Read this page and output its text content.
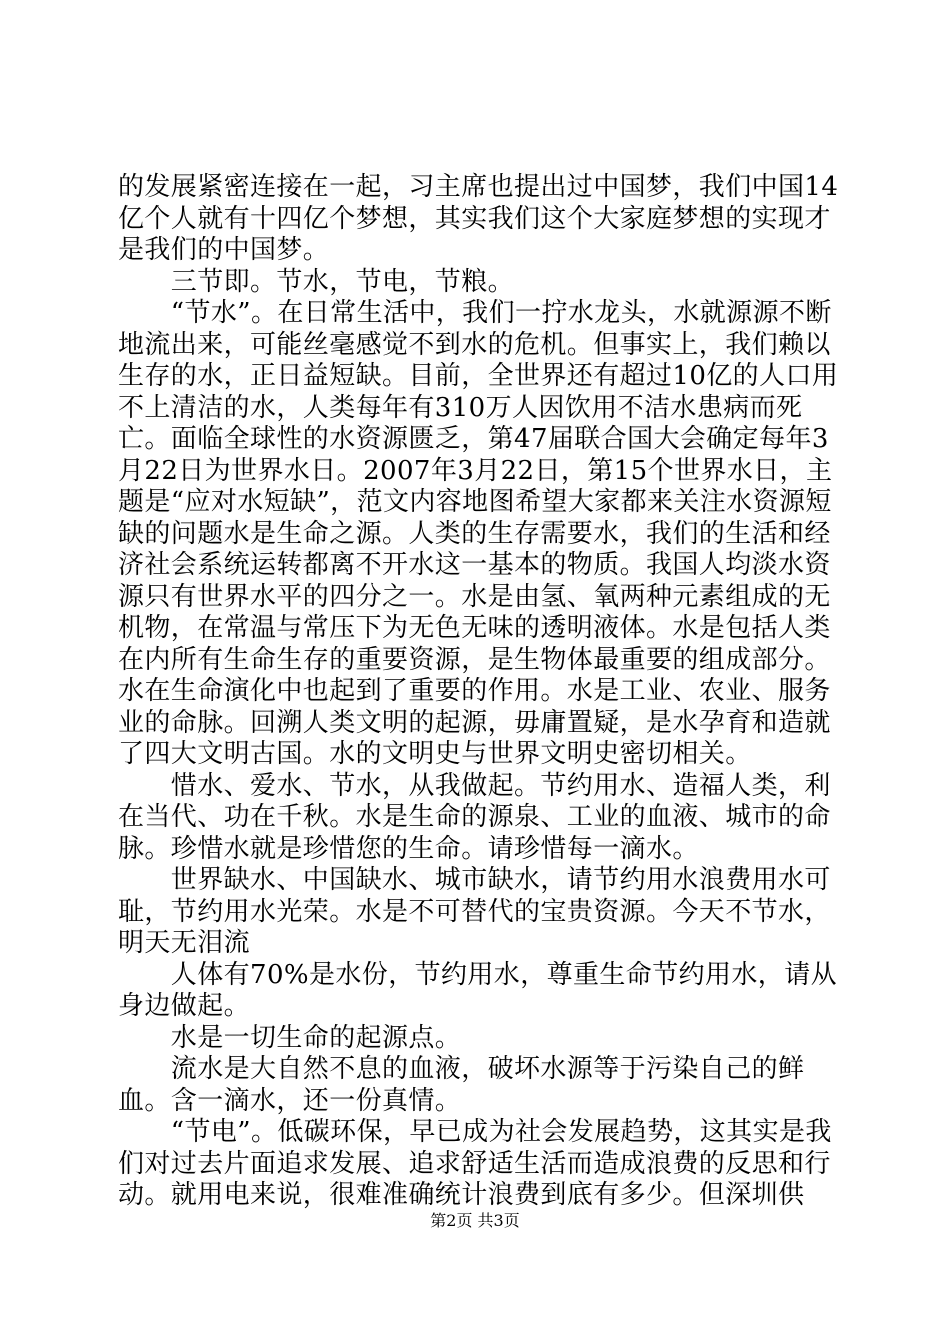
的发展紧密连接在一起，习主席也提出过中国梦，我们中国14亿个人就有十四亿个梦想，其实我们这个大家庭梦想的实现才是我们的中国梦。

　　三节即。节水，节电，节粮。

　　“节水”。在日常生活中，我们一拧水龙头，水就源源不断地流出来，可能丝毫感觉不到水的危机。但事实上，我们赖以生存的水，正日益短缺。目前，全世界还有超过10亿的人口用不上清洁的水，人类每年有310万人因饮用不洁水患病而死亡。面临全球性的水资源匮乏，第47届联合国大会确定每年3月22日为世界水日。2007年3月22日，第15个世界水日，主题是“应对水短缺”，范文内容地图希望大家都来关注水资源短缺的问题水是生命之源。人类的生存需要水，我们的生活和经济社会系统运转都离不开水这一基本的物质。我国人均淡水资源只有世界水平的四分之一。水是由氢、氧两种元素组成的无机物，在常温与常压下为无色无味的透明液体。水是包括人类在内所有生命生存的重要资源，是生物体最重要的组成部分。水在生命演化中也起到了重要的作用。水是工业、农业、服务业的命脉。回溯人类文明的起源，毋庸置疑，是水孕育和造就了四大文明古国。水的文明史与世界文明史密切相关。

　　惜水、爱水、节水，从我做起。节约用水、造福人类，利在当代、功在千秋。水是生命的源泉、工业的血液、城市的命脉。珍惜水就是珍惜您的生命。请珍惜每一滴水。

　　世界缺水、中国缺水、城市缺水，请节约用水浪费用水可耻，节约用水光荣。水是不可替代的宝贵资源。今天不节水，明天无泪流

　　人体有70%是水份，节约用水，尊重生命节约用水，请从身边做起。

　　水是一切生命的起源点。

　　流水是大自然不息的血液，破坏水源等于污染自己的鲜血。含一滴水，还一份真情。

　　“节电”。低碳环保，早已成为社会发展趋势，这其实是我们对过去片面追求发展、追求舒适生活而造成浪费的反思和行动。就用电来说，很难准确统计浪费到底有多少。但深圳供

第2页 共3页
